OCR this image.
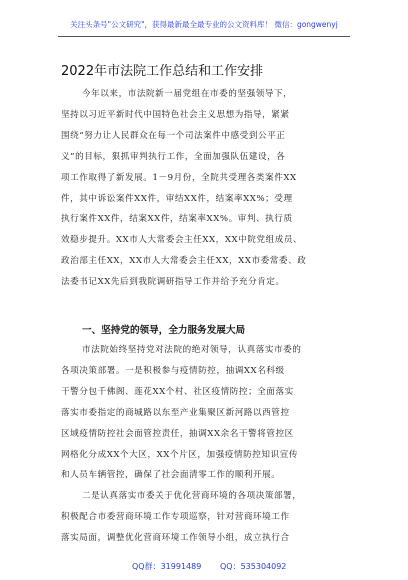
关注头条号"公文研究"，获得最新最全最专业的公文资料库！ 微信：gongwenyj
2022年市法院工作总结和工作安排
今年以来，市法院新一届党组在市委的坚强领导下，
坚持以习近平新时代中国特色社会主义思想为指导，紧紧
围绕“努力让人民群众在每一个司法案件中感受到公平正
义”的目标，狠抓审判执行工作，全面加强队伍建设，各
项工作取得了新发展。1－9月份，全院共受理各类案件XX
件，其中诉讼案件XX件，审结XX件，结案率XX%；受理
执行案件XX件，结案XX件，结案率XX%。审判、执行质
效稳步提升。XX市人大常委会主任XX，XX中院党组成员、
政治部主任XX，XX市人大常委会主任XX，XX市委常委、政
法委书记XX先后到我院调研指导工作并给予充分肯定。
一、坚持党的领导，全力服务发展大局
市法院始终坚持党对法院的绝对领导，认真落实市委的
各项决策部署。一是积极参与疫情防控，抽调XX名科级
干警分包千佛阁、莲花XX个村、社区疫情防控；全面落实
落实市委指定的商城路以东至产业集聚区新河路以西管控
区域疫情防控社会面管控责任，抽调XX余名干警将管控区
网格化分成XX个大区，XX个片区，加强疫情防控知识宣传
和人员车辆管控，确保了社会面清零工作的顺利开展。
二是认真落实市委关于优化营商环境的各项决策部署，
积极配合市委营商环境工作专项巡察，针对营商环境工作
落实局面，调整优化营商环境工作领导小组，成立执行合
QQ群：31991489 QQ：535304092
